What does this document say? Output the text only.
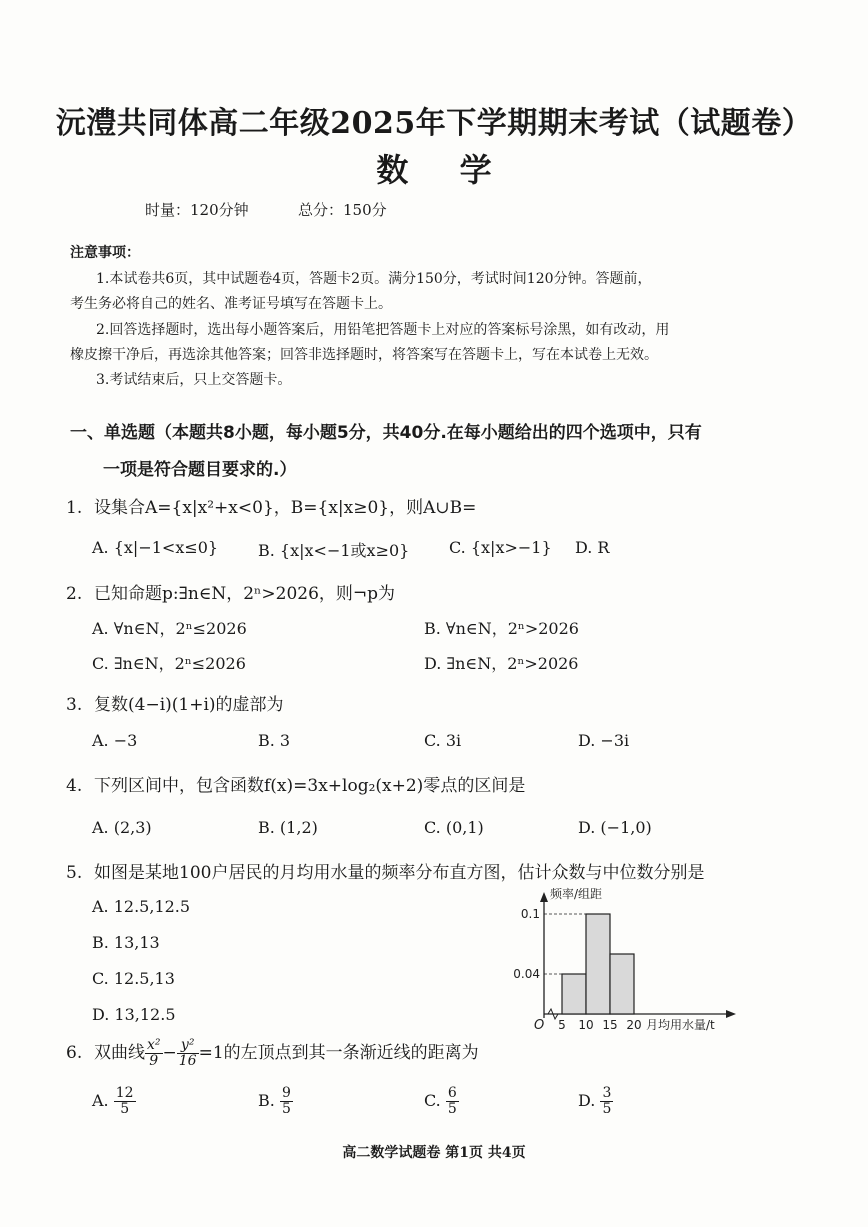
沅澧共同体高二年级2025年下学期期末考试（试题卷）
数 学
时量：120分钟	总分：150分
注意事项：
1.本试卷共6页，其中试题卷4页，答题卡2页。满分150分，考试时间120分钟。答题前，
考生务必将自己的姓名、准考证号填写在答题卡上。
2.回答选择题时，选出每小题答案后，用铅笔把答题卡上对应的答案标号涂黑，如有改动，用
橡皮擦干净后，再选涂其他答案；回答非选择题时，将答案写在答题卡上，写在本试卷上无效。
3.考试结束后，只上交答题卡。
一、单选题（本题共8小题，每小题5分，共40分.在每小题给出的四个选项中，只有
一项是符合题目要求的.）
1. 设集合A={x|x²+x<0}，B={x|x≥0}，则A∪B=
A. {x|−1<x≤0} B. {x|x<−1或x≥0} C. {x|x>−1} D. R
2. 已知命题p:∃n∈N，2ⁿ>2026，则¬p为
A. ∀n∈N，2ⁿ≤2026	B. ∀n∈N，2ⁿ>2026
C. ∃n∈N，2ⁿ≤2026	D. ∃n∈N，2ⁿ>2026
3. 复数(4−i)(1+i)的虚部为
A. −3	B. 3	C. 3i	D. −3i
4. 下列区间中，包含函数f(x)=3x+log₂(x+2)零点的区间是
A. (2,3)	B. (1,2)	C. (0,1)	D. (−1,0)
5. 如图是某地100户居民的月均用水量的频率分布直方图，估计众数与中位数分别是
A. 12.5,12.5
B. 13,13
C. 12.5,13
D. 13,12.5
0.04
0.1
5 10 15 20
O
频率/组距
月均用水量/t
6. 双曲线 $\frac{\text{x²}}{9} - \frac{\text{y²}}{16} =1$的左顶点到其一条渐近线的距离为
A. $\frac{12}{5}$	B. $\frac{9}{5}$	C. $\frac{6}{5}$	D. $\frac{3}{5}$
高二数学试题卷 第1页 共4页
